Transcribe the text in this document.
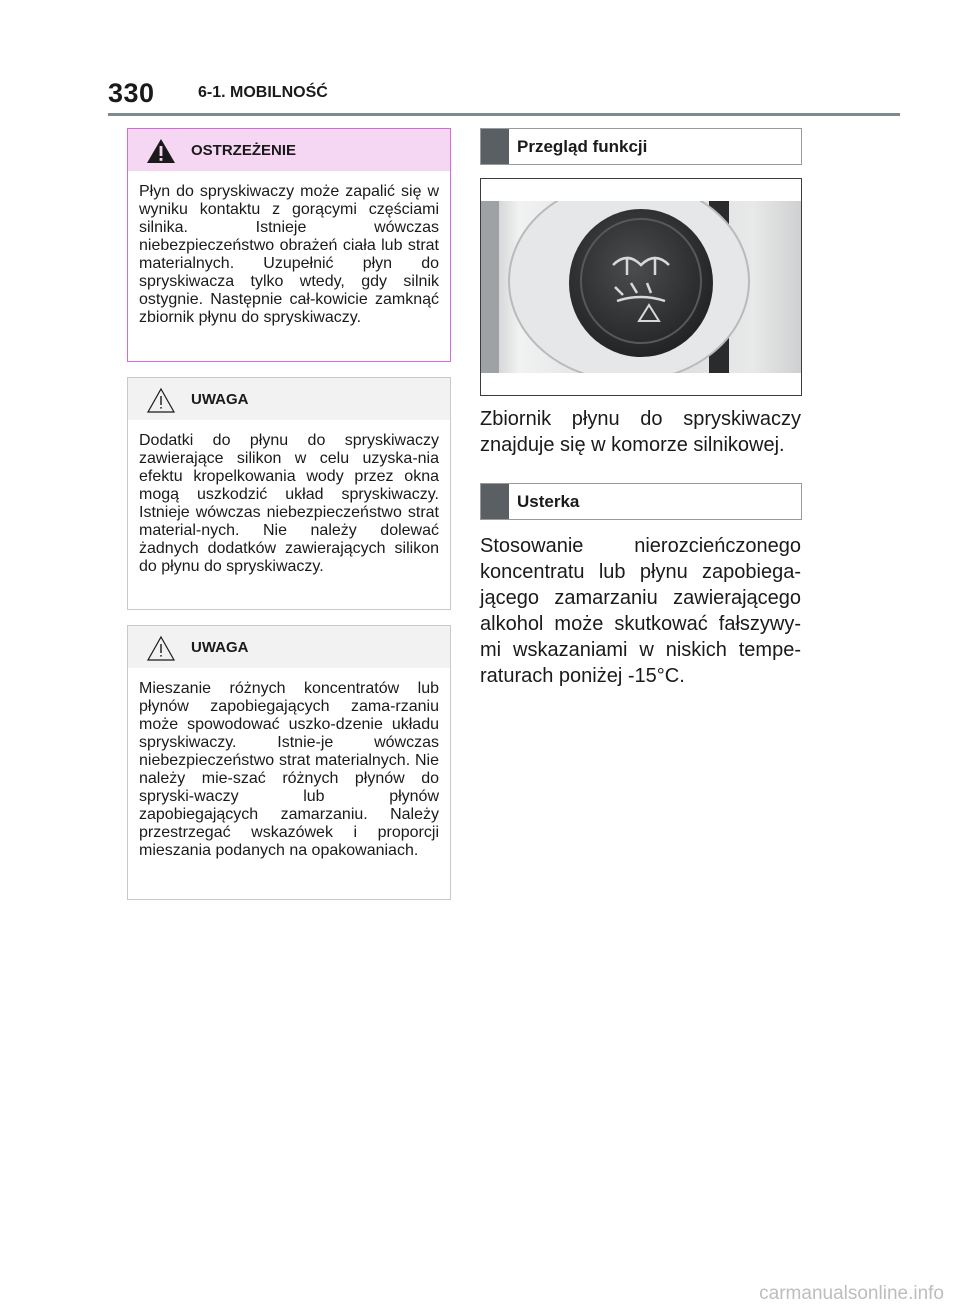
330	6-1. MOBILNOŚĆ
OSTRZEŻENIE
Płyn do spryskiwaczy może zapalić się w wyniku kontaktu z gorącymi częściami silnika. Istnieje wówczas niebezpieczeństwo obrażeń ciała lub strat materialnych. Uzupełnić płyn do spryskiwacza tylko wtedy, gdy silnik ostygnie. Następnie cał-kowicie zamknąć zbiornik płynu do spryskiwaczy.
UWAGA
Dodatki do płynu do spryskiwaczy zawierające silikon w celu uzyska-nia efektu kropelkowania wody przez okna mogą uszkodzić układ spryskiwaczy. Istnieje wówczas niebezpieczeństwo strat material-nych. Nie należy dolewać żadnych dodatków zawierających silikon do płynu do spryskiwaczy.
UWAGA
Mieszanie różnych koncentratów lub płynów zapobiegających zama-rzaniu może spowodować uszko-dzenie układu spryskiwaczy. Istnie-je wówczas niebezpieczeństwo strat materialnych. Nie należy mie-szać różnych płynów do spryski-waczy lub płynów zapobiegających zamarzaniu. Należy przestrzegać wskazówek i proporcji mieszania podanych na opakowaniach.
Przegląd funkcji
Zbiornik płynu do spryskiwaczy znajduje się w komorze silnikowej.
Usterka
Stosowanie nierozcieńczonego koncentratu lub płynu zapobiega-jącego zamarzaniu zawierającego alkohol może skutkować fałszywy-mi wskazaniami w niskich tempe-raturach poniżej -15°C.
carmanualsonline.info
